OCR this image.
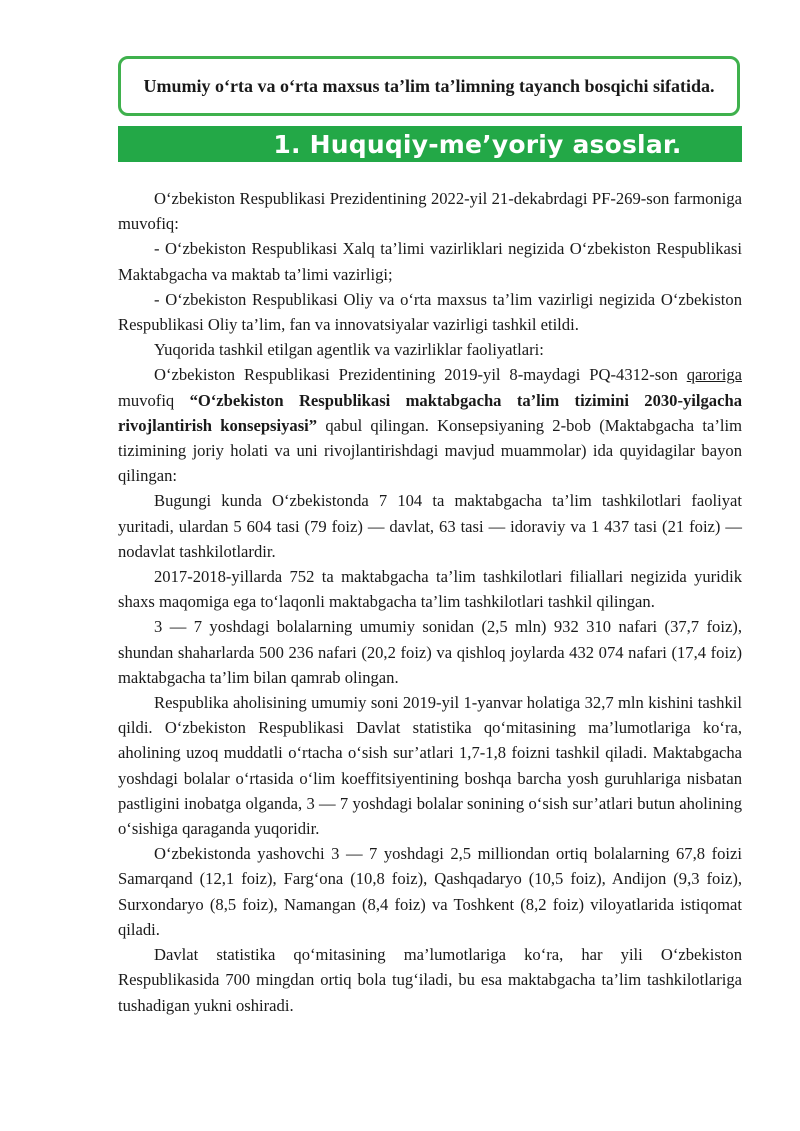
Umumiy o‘rta va o‘rta maxsus ta’lim ta’limning tayanch bosqichi sifatida.
1. Huquqiy-me’yoriy asoslar.

O‘zbekiston Respublikasi Prezidentining 2022-yil 21-dekabrdagi PF-269-son farmoniga muvofiq:

- O‘zbekiston Respublikasi Xalq ta’limi vazirliklari negizida O‘zbekiston Respublikasi Maktabgacha va maktab ta’limi vazirligi;

- O‘zbekiston Respublikasi Oliy va o‘rta maxsus ta’lim vazirligi negizida O‘zbekiston Respublikasi Oliy ta’lim, fan va innovatsiyalar vazirligi tashkil etildi.

Yuqorida tashkil etilgan agentlik va vazirliklar faoliyatlari:

O‘zbekiston Respublikasi Prezidentining 2019-yil 8-maydagi PQ-4312-son qaroriga muvofiq “O‘zbekiston Respublikasi maktabgacha ta’lim tizimini 2030-yilgacha rivojlantirish konsepsiyasi” qabul qilingan. Konsepsiyaning 2-bob (Maktabgacha ta’lim tizimining joriy holati va uni rivojlantirishdagi mavjud muammolar) ida quyidagilar bayon qilingan:

Bugungi kunda O‘zbekistonda 7 104 ta maktabgacha ta’lim tashkilotlari faoliyat yuritadi, ulardan 5 604 tasi (79 foiz) — davlat, 63 tasi — idoraviy va 1 437 tasi (21 foiz) — nodavlat tashkilotlardir.

2017-2018-yillarda 752 ta maktabgacha ta’lim tashkilotlari filiallari negizida yuridik shaxs maqomiga ega to‘laqonli maktabgacha ta’lim tashkilotlari tashkil qilingan.

3 — 7 yoshdagi bolalarning umumiy sonidan (2,5 mln) 932 310 nafari (37,7 foiz), shundan shaharlarda 500 236 nafari (20,2 foiz) va qishloq joylarda 432 074 nafari (17,4 foiz) maktabgacha ta’lim bilan qamrab olingan.

Respublika aholisining umumiy soni 2019-yil 1-yanvar holatiga 32,7 mln kishini tashkil qildi. O‘zbekiston Respublikasi Davlat statistika qo‘mitasining ma’lumotlariga ko‘ra, aholining uzoq muddatli o‘rtacha o‘sish sur’atlari 1,7-1,8 foizni tashkil qiladi. Maktabgacha yoshdagi bolalar o‘rtasida o‘lim koeffitsiyentining boshqa barcha yosh guruhlariga nisbatan pastligini inobatga olganda, 3 — 7 yoshdagi bolalar sonining o‘sish sur’atlari butun aholining o‘sishiga qaraganda yuqoridir.

O‘zbekistonda yashovchi 3 — 7 yoshdagi 2,5 milliondan ortiq bolalarning 67,8 foizi Samarqand (12,1 foiz), Farg‘ona (10,8 foiz), Qashqadaryo (10,5 foiz), Andijon (9,3 foiz), Surxondaryo (8,5 foiz), Namangan (8,4 foiz) va Toshkent (8,2 foiz) viloyatlarida istiqomat qiladi.

Davlat statistika qo‘mitasining ma’lumotlariga ko‘ra, har yili O‘zbekiston Respublikasida 700 mingdan ortiq bola tug‘iladi, bu esa maktabgacha ta’lim tashkilotlariga tushadigan yukni oshiradi.
